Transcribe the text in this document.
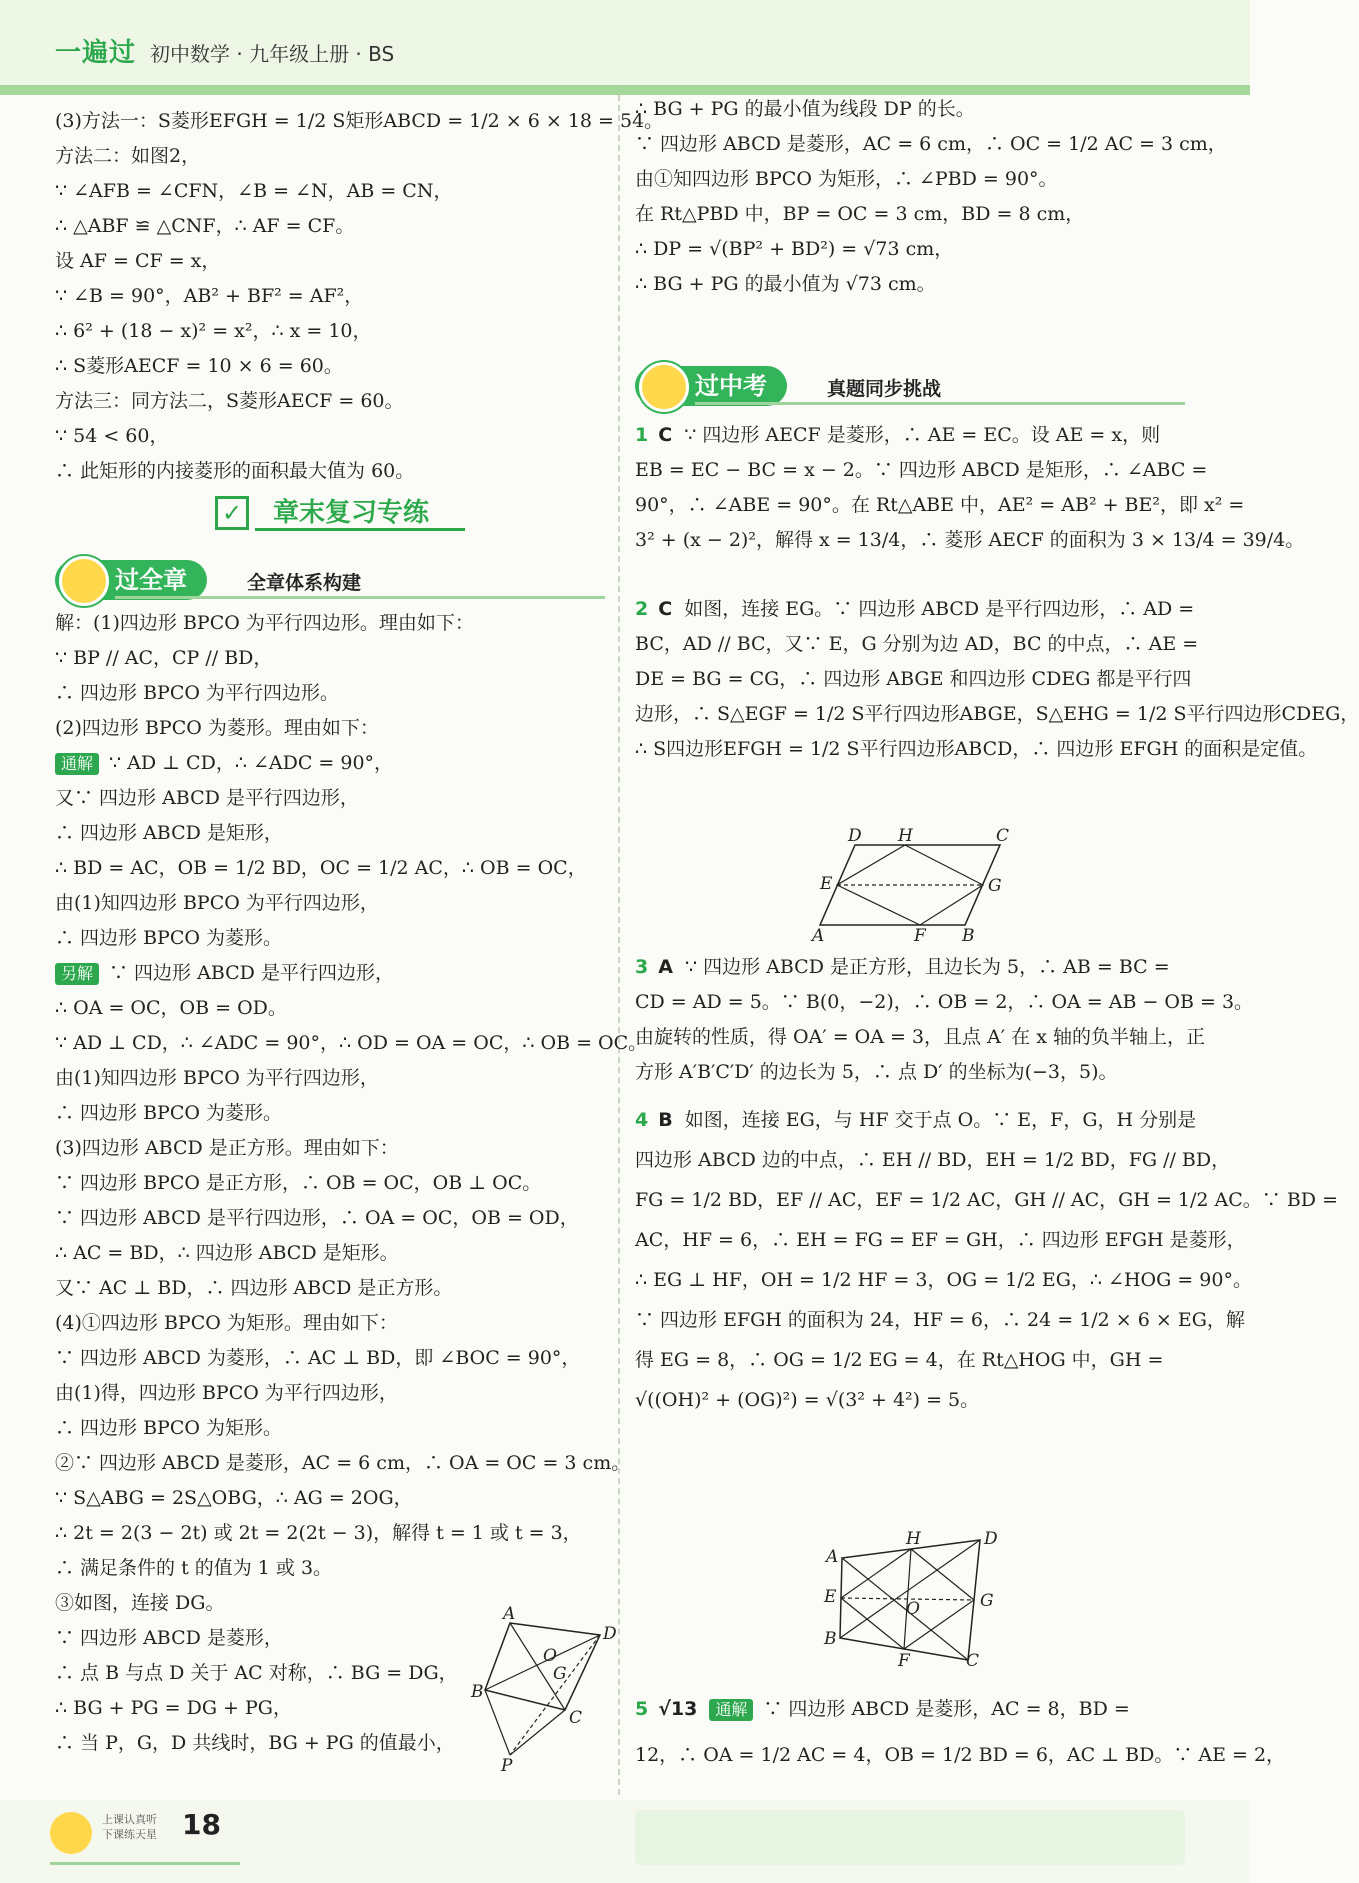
一遍过 初中数学 · 九年级上册 · BS
(3)方法一：S菱形EFGH = 1/2 S矩形ABCD = 1/2 × 6 × 18 = 54。
方法二：如图2，
∵ ∠AFB = ∠CFN，∠B = ∠N，AB = CN，
∴ △ABF ≌ △CNF，∴ AF = CF。
设 AF = CF = x，
∵ ∠B = 90°，AB² + BF² = AF²，
∴ 6² + (18 − x)² = x²，∴ x = 10，
∴ S菱形AECF = 10 × 6 = 60。
方法三：同方法二，S菱形AECF = 60。
∵ 54 < 60，
∴ 此矩形的内接菱形的面积最大值为 60。
✓ 章末复习专练
过全章	全章体系构建
解：(1)四边形 BPCO 为平行四边形。理由如下：
∵ BP // AC，CP // BD，
∴ 四边形 BPCO 为平行四边形。
(2)四边形 BPCO 为菱形。理由如下：
通解 ∵ AD ⊥ CD，∴ ∠ADC = 90°，
又∵ 四边形 ABCD 是平行四边形，
∴ 四边形 ABCD 是矩形，
∴ BD = AC，OB = 1/2 BD，OC = 1/2 AC，∴ OB = OC，
由(1)知四边形 BPCO 为平行四边形，
∴ 四边形 BPCO 为菱形。
另解 ∵ 四边形 ABCD 是平行四边形，
∴ OA = OC，OB = OD。
∵ AD ⊥ CD，∴ ∠ADC = 90°，∴ OD = OA = OC，∴ OB = OC。
由(1)知四边形 BPCO 为平行四边形，
∴ 四边形 BPCO 为菱形。
(3)四边形 ABCD 是正方形。理由如下：
∵ 四边形 BPCO 是正方形，∴ OB = OC，OB ⊥ OC。
∵ 四边形 ABCD 是平行四边形，∴ OA = OC，OB = OD，
∴ AC = BD，∴ 四边形 ABCD 是矩形。
又∵ AC ⊥ BD，∴ 四边形 ABCD 是正方形。
(4)①四边形 BPCO 为矩形。理由如下：
∵ 四边形 ABCD 为菱形，∴ AC ⊥ BD，即 ∠BOC = 90°，
由(1)得，四边形 BPCO 为平行四边形，
∴ 四边形 BPCO 为矩形。
②∵ 四边形 ABCD 是菱形，AC = 6 cm，∴ OA = OC = 3 cm。
∵ S△ABG = 2S△OBG，∴ AG = 2OG，
∴ 2t = 2(3 − 2t) 或 2t = 2(2t − 3)，解得 t = 1 或 t = 3，
∴ 满足条件的 t 的值为 1 或 3。
③如图，连接 DG。
∵ 四边形 ABCD 是菱形，
∴ 点 B 与点 D 关于 AC 对称，∴ BG = DG，
∴ BG + PG = DG + PG，
∴ 当 P，G，D 共线时，BG + PG 的值最小，
A
O
D
G
B
C
P
∴ BG + PG 的最小值为线段 DP 的长。
∵ 四边形 ABCD 是菱形，AC = 6 cm，∴ OC = 1/2 AC = 3 cm，
由①知四边形 BPCO 为矩形，∴ ∠PBD = 90°。
在 Rt△PBD 中，BP = OC = 3 cm，BD = 8 cm，
∴ DP = √(BP² + BD²) = √73 cm，
∴ BG + PG 的最小值为 √73 cm。
过中考	真题同步挑战
1 C ∵ 四边形 AECF 是菱形，∴ AE = EC。设 AE = x，则
EB = EC − BC = x − 2。∵ 四边形 ABCD 是矩形，∴ ∠ABC =
90°，∴ ∠ABE = 90°。在 Rt△ABE 中，AE² = AB² + BE²，即 x² =
3² + (x − 2)²，解得 x = 13/4，∴ 菱形 AECF 的面积为 3 × 13/4 = 39/4。
2 C 如图，连接 EG。∵ 四边形 ABCD 是平行四边形，∴ AD =
BC，AD // BC，又∵ E，G 分别为边 AD，BC 的中点，∴ AE =
DE = BG = CG，∴ 四边形 ABGE 和四边形 CDEG 都是平行四
边形，∴ S△EGF = 1/2 S平行四边形ABGE，S△EHG = 1/2 S平行四边形CDEG，
∴ S四边形EFGH = 1/2 S平行四边形ABCD，∴ 四边形 EFGH 的面积是定值。
D H	C
E	G
A	F B
3 A ∵ 四边形 ABCD 是正方形，且边长为 5，∴ AB = BC =
CD = AD = 5。∵ B(0，−2)，∴ OB = 2，∴ OA = AB − OB = 3。
由旋转的性质，得 OA′ = OA = 3，且点 A′ 在 x 轴的负半轴上，正
方形 A′B′C′D′ 的边长为 5，∴ 点 D′ 的坐标为(−3，5)。
4 B 如图，连接 EG，与 HF 交于点 O。∵ E，F，G，H 分别是
四边形 ABCD 边的中点，∴ EH // BD，EH = 1/2 BD，FG // BD，
FG = 1/2 BD，EF // AC，EF = 1/2 AC，GH // AC，GH = 1/2 AC。∵ BD =
AC，HF = 6，∴ EH = FG = EF = GH，∴ 四边形 EFGH 是菱形，
∴ EG ⊥ HF，OH = 1/2 HF = 3，OG = 1/2 EG，∴ ∠HOG = 90°。
∵ 四边形 EFGH 的面积为 24，HF = 6，∴ 24 = 1/2 × 6 × EG，解
得 EG = 8，∴ OG = 1/2 EG = 4，在 Rt△HOG 中，GH =
√((OH)² + (OG)²) = √(3² + 4²) = 5。
H	D
A
E
O	G
B
F	C
5 √13 通解 ∵ 四边形 ABCD 是菱形，AC = 8，BD =
12，∴ OA = 1/2 AC = 4，OB = 1/2 BD = 6，AC ⊥ BD。∵ AE = 2，
上课认真听
下课练天星 18
